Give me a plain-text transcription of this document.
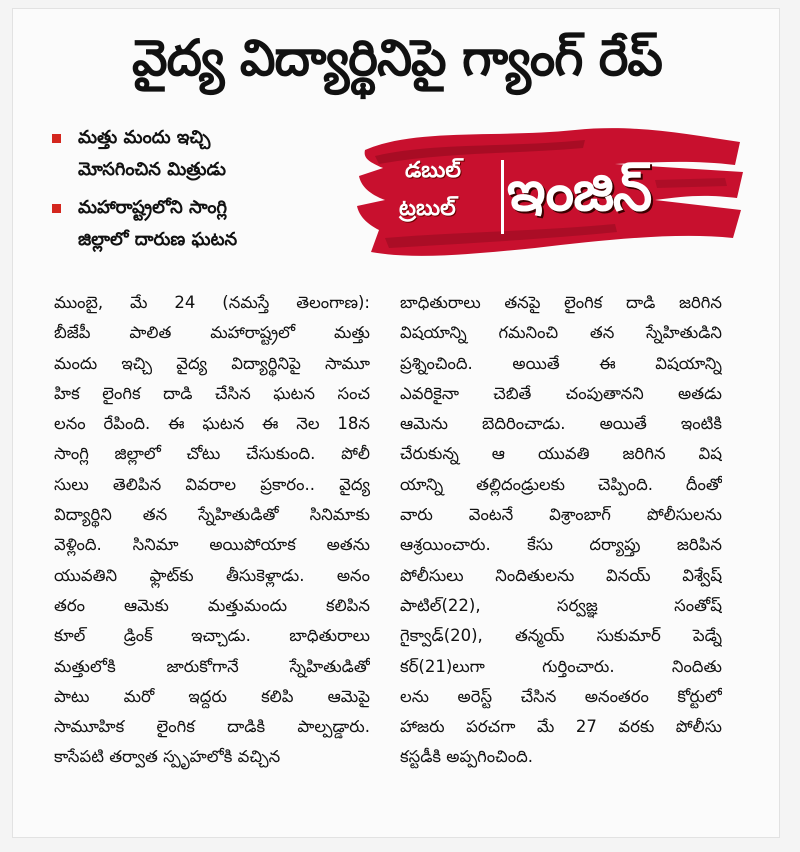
వైద్య విద్యార్థినిపై గ్యాంగ్ రేప్
మత్తు మందు ఇచ్చి
మోసగించిన మిత్రుడు
మహారాష్ట్రలోని సాంగ్లి
జిల్లాలో దారుణ ఘటన
డబుల్
ట్రబుల్ ఇంజిన్
ముంబై, మే 24 (నమస్తే తెలంగాణ):
బీజేపీ పాలిత మహారాష్ట్రలో మత్తు
మందు ఇచ్చి వైద్య విద్యార్థినిపై సామూ
హిక లైంగిక దాడి చేసిన ఘటన సంచ
లనం రేపింది. ఈ ఘటన ఈ నెల 18న
సాంగ్లి జిల్లాలో చోటు చేసుకుంది. పోలీ
సులు తెలిపిన వివరాల ప్రకారం.. వైద్య
విద్యార్థిని తన స్నేహితుడితో సినిమాకు
వెళ్లింది. సినిమా అయిపోయాక అతను
యువతిని ఫ్లాట్‌కు తీసుకెళ్లాడు. అనం
తరం ఆమెకు మత్తుమందు కలిపిన
కూల్ డ్రింక్ ఇచ్చాడు. బాధితురాలు
మత్తులోకి జారుకోగానే స్నేహితుడితో
పాటు మరో ఇద్దరు కలిపి ఆమెపై
సామూహిక లైంగిక దాడికి పాల్పడ్డారు.
కాసేపటి తర్వాత స్పృహలోకి వచ్చిన
బాధితురాలు తనపై లైంగిక దాడి జరిగిన
విషయాన్ని గమనించి తన స్నేహితుడిని
ప్రశ్నించింది. అయితే ఈ విషయాన్ని
ఎవరికైనా చెబితే చంపుతానని అతడు
ఆమెను బెదిరించాడు. అయితే ఇంటికి
చేరుకున్న ఆ యువతి జరిగిన విష
యాన్ని తల్లిదండ్రులకు చెప్పింది. దీంతో
వారు వెంటనే విశ్రాంబాగ్ పోలీసులను
ఆశ్రయించారు. కేసు దర్యాప్తు జరిపిన
పోలీసులు నిందితులను వినయ్ విశ్వేష్
పాటిల్(22), సర్వజ్ఞ సంతోష్
గైక్వాడ్(20), తన్మయ్ సుకుమార్ పెడ్నే
కర్(21)లుగా గుర్తించారు. నిందితు
లను అరెస్ట్ చేసిన అనంతరం కోర్టులో
హాజరు పరచగా మే 27 వరకు పోలీసు
కస్టడీకి అప్పగించింది.
